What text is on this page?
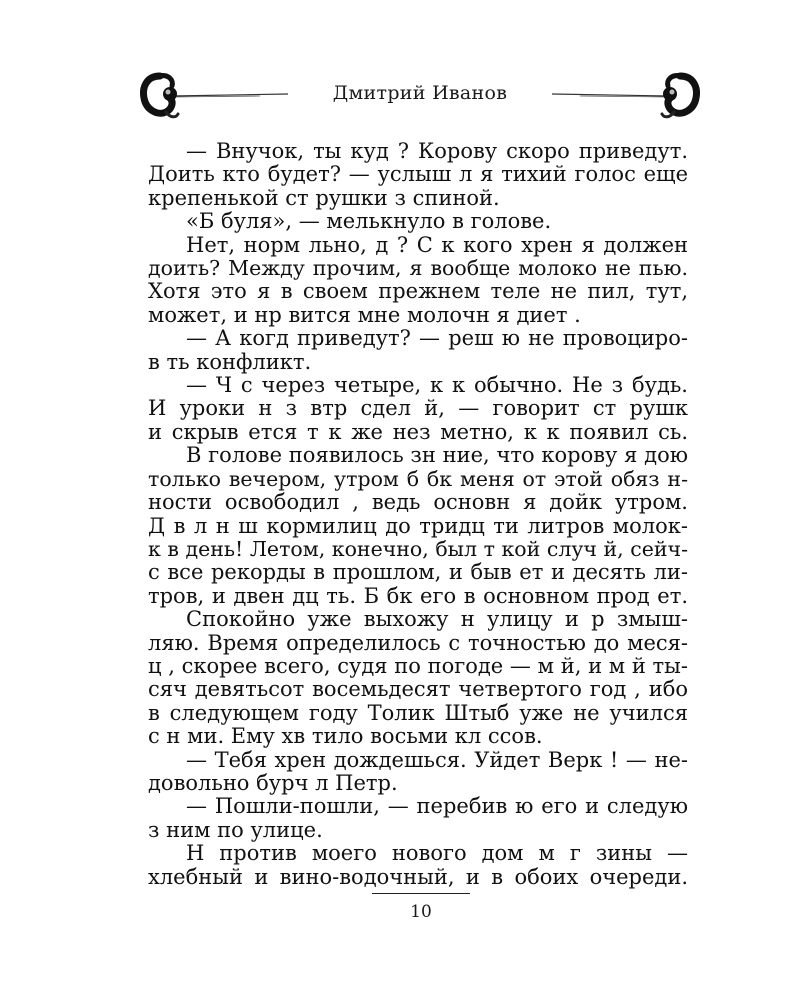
Дмитрий Иванов

— Внучок, ты куд ? Корову скоро приведут.

Доить кто будет? — услыш л я тихий голос еще

крепенькой ст рушки з спиной.

«Б буля», — мелькнуло в голове.

Нет, норм льно, д ? С к кого хрен я должен

доить? Между прочим, я вообще молоко не пью.

Хотя это я в своем прежнем теле не пил, тут,

может, и нр вится мне молочн я диет .

— А когд приведут? — реш ю не провоциро-

в ть конфликт.

— Ч с через четыре, к к обычно. Не з будь.

И уроки н з втр сдел й, — говорит ст рушк

и скрыв ется т к же нез метно, к к появил сь.

В голове появилось зн ние, что корову я дою

только вечером, утром б бк меня от этой обяз н-

ности освободил , ведь основн я дойк утром.

Д в л н ш кормилиц до тридц ти литров молок-

к в день! Летом, конечно, был т кой случ й, сейч-

с все рекорды в прошлом, и быв ет и десять ли-

тров, и двен дц ть. Б бк его в основном прод ет.

Спокойно уже выхожу н улицу и р змыш-

ляю. Время определилось с точностью до меся-

ц , скорее всего, судя по погоде — м й, и м й ты-

сяч девятьсот восемьдесят четвертого год , ибо

в следующем году Толик Штыб уже не учился

с н ми. Ему хв тило восьми кл ссов.

— Тебя хрен дождешься. Уйдет Верк ! — не-

довольно бурч л Петр.

— Пошли-пошли, — перебив ю его и следую

з ним по улице.

Н против моего нового дом м г зины —

хлебный и вино-водочный, и в обоих очереди.

10
